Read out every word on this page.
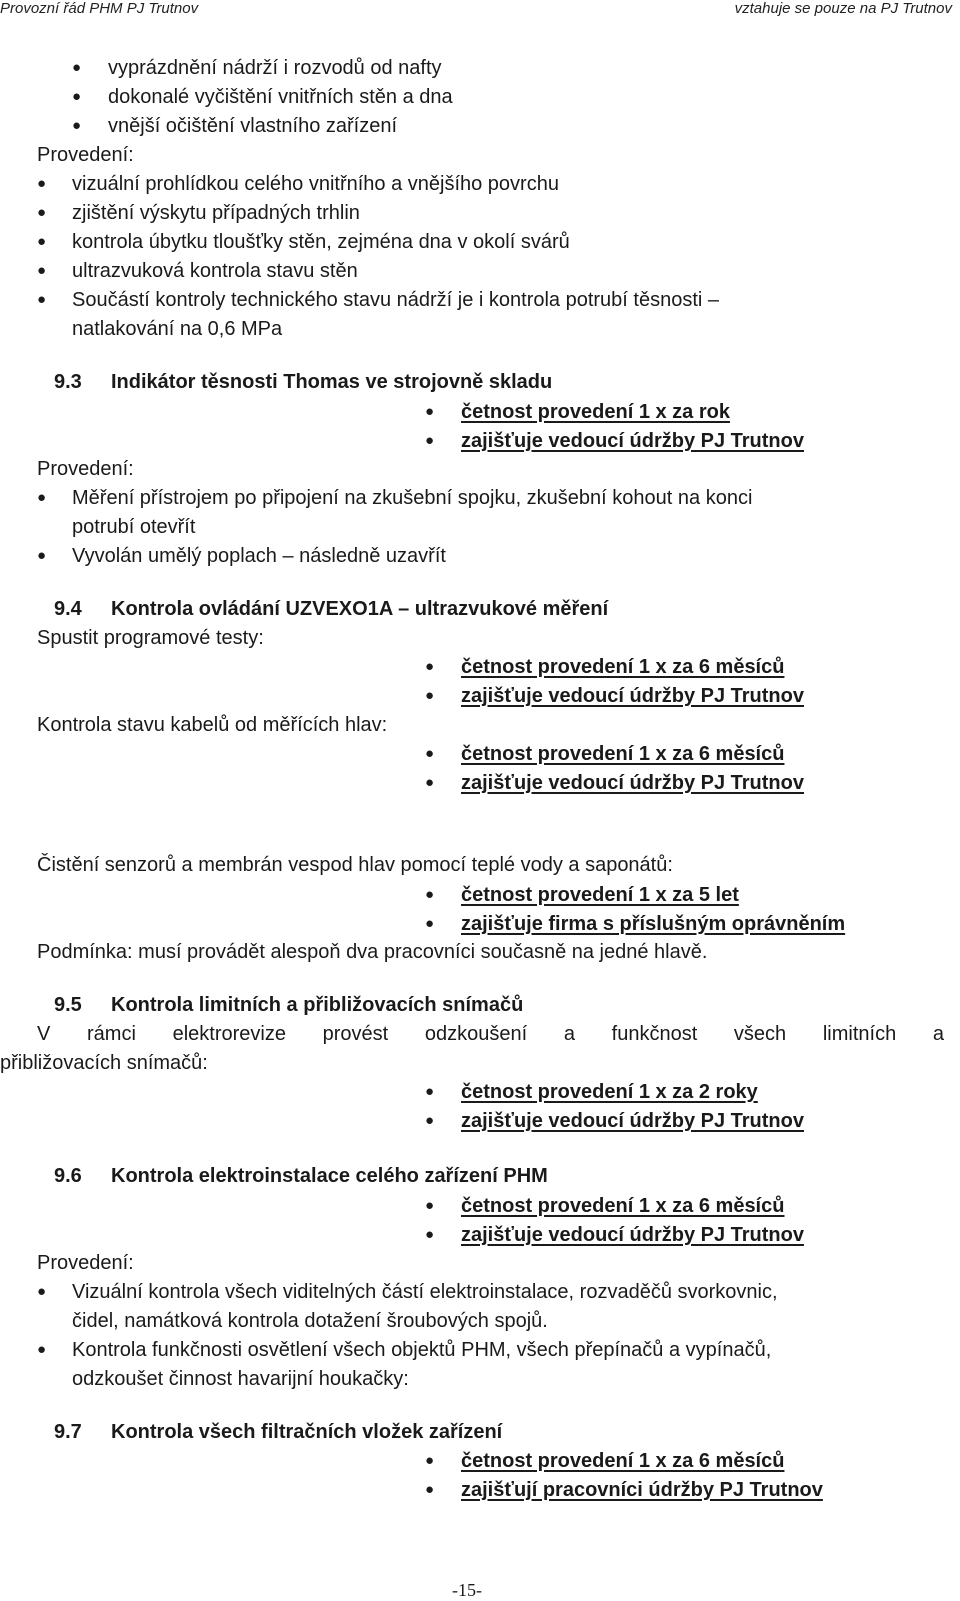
Provozní řád PHM PJ Trutnov	vztahuje se pouze na PJ Trutnov
● vyprázdnění nádrží i rozvodů od nafty
● dokonalé vyčištění vnitřních stěn a dna
● vnější očištění vlastního zařízení
Provedení:
● vizuální prohlídkou celého vnitřního a vnějšího povrchu
● zjištění výskytu případných trhlin
● kontrola úbytku tloušťky stěn, zejména dna v okolí svárů
● ultrazvuková kontrola stavu stěn
● Součástí kontroly technického stavu nádrží je i kontrola potrubí těsnosti –
natlakování na 0,6 MPa
9.3 Indikátor těsnosti Thomas ve strojovně skladu
● četnost provedení 1 x za rok
● zajišťuje vedoucí údržby PJ Trutnov
Provedení:
● Měření přístrojem po připojení na zkušební spojku, zkušební kohout na konci
potrubí otevřít
● Vyvolán umělý poplach – následně uzavřít
9.4 Kontrola ovládání UZVEXO1A – ultrazvukové měření
Spustit programové testy:
● četnost provedení 1 x za 6 měsíců
● zajišťuje vedoucí údržby PJ Trutnov
Kontrola stavu kabelů od měřících hlav:
● četnost provedení 1 x za 6 měsíců
● zajišťuje vedoucí údržby PJ Trutnov
Čistění senzorů a membrán vespod hlav pomocí teplé vody a saponátů:
● četnost provedení 1 x za 5 let
● zajišťuje firma s příslušným oprávněním
Podmínka: musí provádět alespoň dva pracovníci současně na jedné hlavě.
9.5 Kontrola limitních a přibližovacích snímačů
V rámci elektrorevize provést odzkoušení a funkčnost všech limitních a
přibližovacích snímačů:
● četnost provedení 1 x za 2 roky
● zajišťuje vedoucí údržby PJ Trutnov
9.6 Kontrola elektroinstalace celého zařízení PHM
● četnost provedení 1 x za 6 měsíců
● zajišťuje vedoucí údržby PJ Trutnov
Provedení:
● Vizuální kontrola všech viditelných částí elektroinstalace, rozvaděčů svorkovnic,
čidel, namátková kontrola dotažení šroubových spojů.
● Kontrola funkčnosti osvětlení všech objektů PHM, všech přepínačů a vypínačů,
odzkoušet činnost havarijní houkačky:
9.7 Kontrola všech filtračních vložek zařízení
● četnost provedení 1 x za 6 měsíců
● zajišťují pracovníci údržby PJ Trutnov
-15-
